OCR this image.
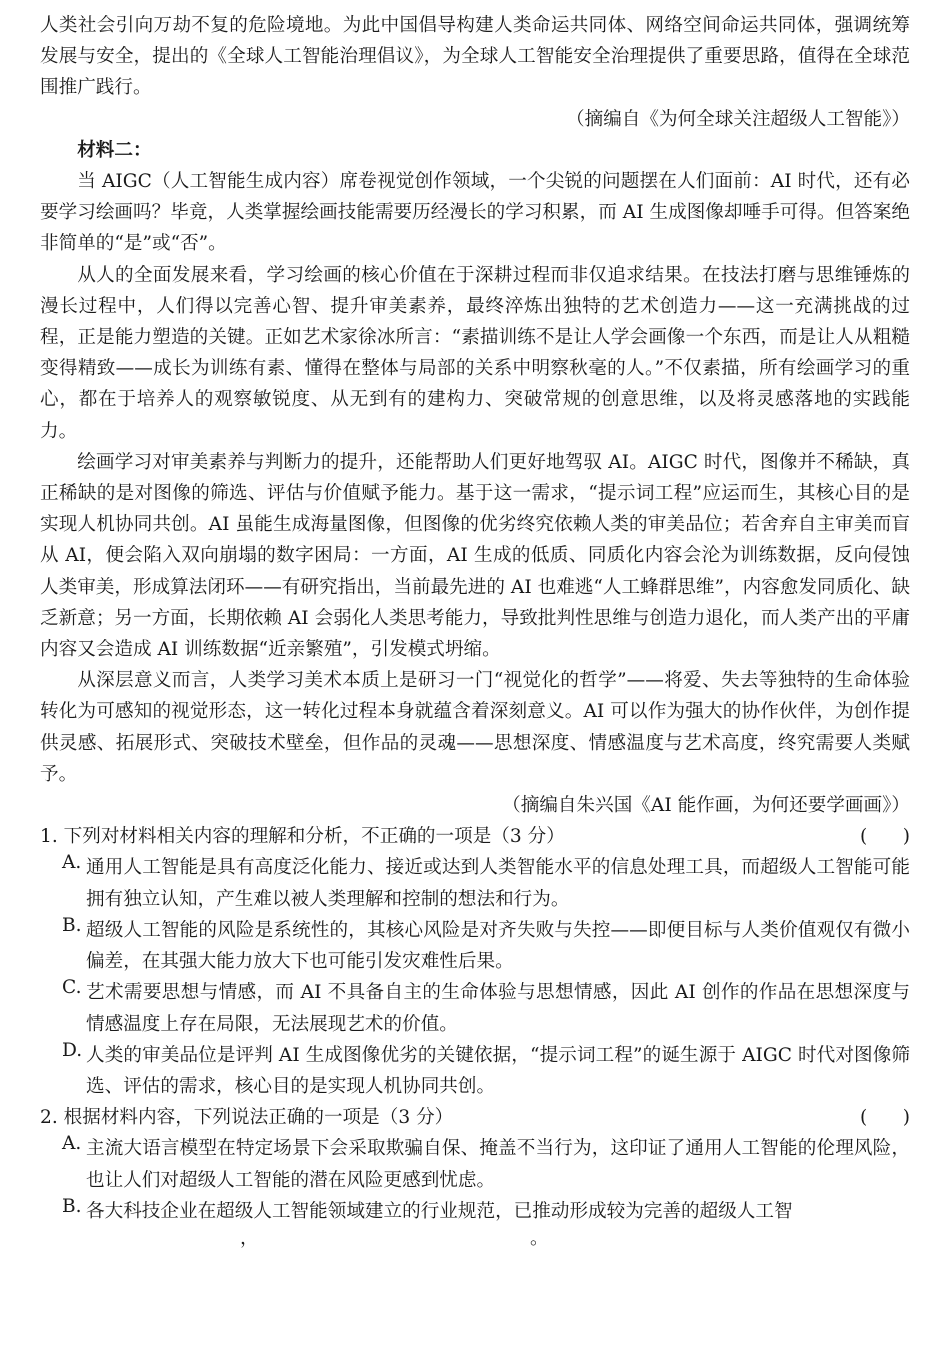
人类社会引向万劫不复的危险境地。为此中国倡导构建人类命运共同体、网络空间命运共同体，强调统筹发展与安全，提出的《全球人工智能治理倡议》，为全球人工智能安全治理提供了重要思路，值得在全球范围推广践行。

（摘编自《为何全球关注超级人工智能》）
材料二：

当 AIGC（人工智能生成内容）席卷视觉创作领域，一个尖锐的问题摆在人们面前：AI 时代，还有必要学习绘画吗？毕竟，人类掌握绘画技能需要历经漫长的学习积累，而 AI 生成图像却唾手可得。但答案绝非简单的“是”或“否”。

从人的全面发展来看，学习绘画的核心价值在于深耕过程而非仅追求结果。在技法打磨与思维锤炼的漫长过程中，人们得以完善心智、提升审美素养，最终淬炼出独特的艺术创造力——这一充满挑战的过程，正是能力塑造的关键。正如艺术家徐冰所言：“素描训练不是让人学会画像一个东西，而是让人从粗糙变得精致——成长为训练有素、懂得在整体与局部的关系中明察秋毫的人。”不仅素描，所有绘画学习的重心，都在于培养人的观察敏锐度、从无到有的建构力、突破常规的创意思维，以及将灵感落地的实践能力。

绘画学习对审美素养与判断力的提升，还能帮助人们更好地驾驭 AI。AIGC 时代，图像并不稀缺，真正稀缺的是对图像的筛选、评估与价值赋予能力。基于这一需求，“提示词工程”应运而生，其核心目的是实现人机协同共创。AI 虽能生成海量图像，但图像的优劣终究依赖人类的审美品位；若舍弃自主审美而盲从 AI，便会陷入双向崩塌的数字困局：一方面，AI 生成的低质、同质化内容会沦为训练数据，反向侵蚀人类审美，形成算法闭环——有研究指出，当前最先进的 AI 也难逃“人工蜂群思维”，内容愈发同质化、缺乏新意；另一方面，长期依赖 AI 会弱化人类思考能力，导致批判性思维与创造力退化，而人类产出的平庸内容又会造成 AI 训练数据“近亲繁殖”，引发模式坍缩。

从深层意义而言，人类学习美术本质上是研习一门“视觉化的哲学”——将爱、失去等独特的生命体验转化为可感知的视觉形态，这一转化过程本身就蕴含着深刻意义。AI 可以作为强大的协作伙伴，为创作提供灵感、拓展形式、突破技术壁垒，但作品的灵魂——思想深度、情感温度与艺术高度，终究需要人类赋予。

（摘编自朱兴国《AI 能作画，为何还要学画画》）
1. 下列对材料相关内容的理解和分析，不正确的一项是（3 分）	(      )
A. 通用人工智能是具有高度泛化能力、接近或达到人类智能水平的信息处理工具，而超级人工智能可能拥有独立认知，产生难以被人类理解和控制的想法和行为。
B. 超级人工智能的风险是系统性的，其核心风险是对齐失败与失控——即便目标与人类价值观仅有微小偏差，在其强大能力放大下也可能引发灾难性后果。
C. 艺术需要思想与情感，而 AI 不具备自主的生命体验与思想情感，因此 AI 创作的作品在思想深度与情感温度上存在局限，无法展现艺术的价值。
D. 人类的审美品位是评判 AI 生成图像优劣的关键依据，“提示词工程”的诞生源于 AIGC 时代对图像筛选、评估的需求，核心目的是实现人机协同共创。
2. 根据材料内容，下列说法正确的一项是（3 分）	(      )
A. 主流大语言模型在特定场景下会采取欺骗自保、掩盖不当行为，这印证了通用人工智能的伦理风险，也让人们对超级人工智能的潜在风险更感到忧虑。
B. 各大科技企业在超级人工智能领域建立的行业规范，已推动形成较为完善的超级人工智
，	。
